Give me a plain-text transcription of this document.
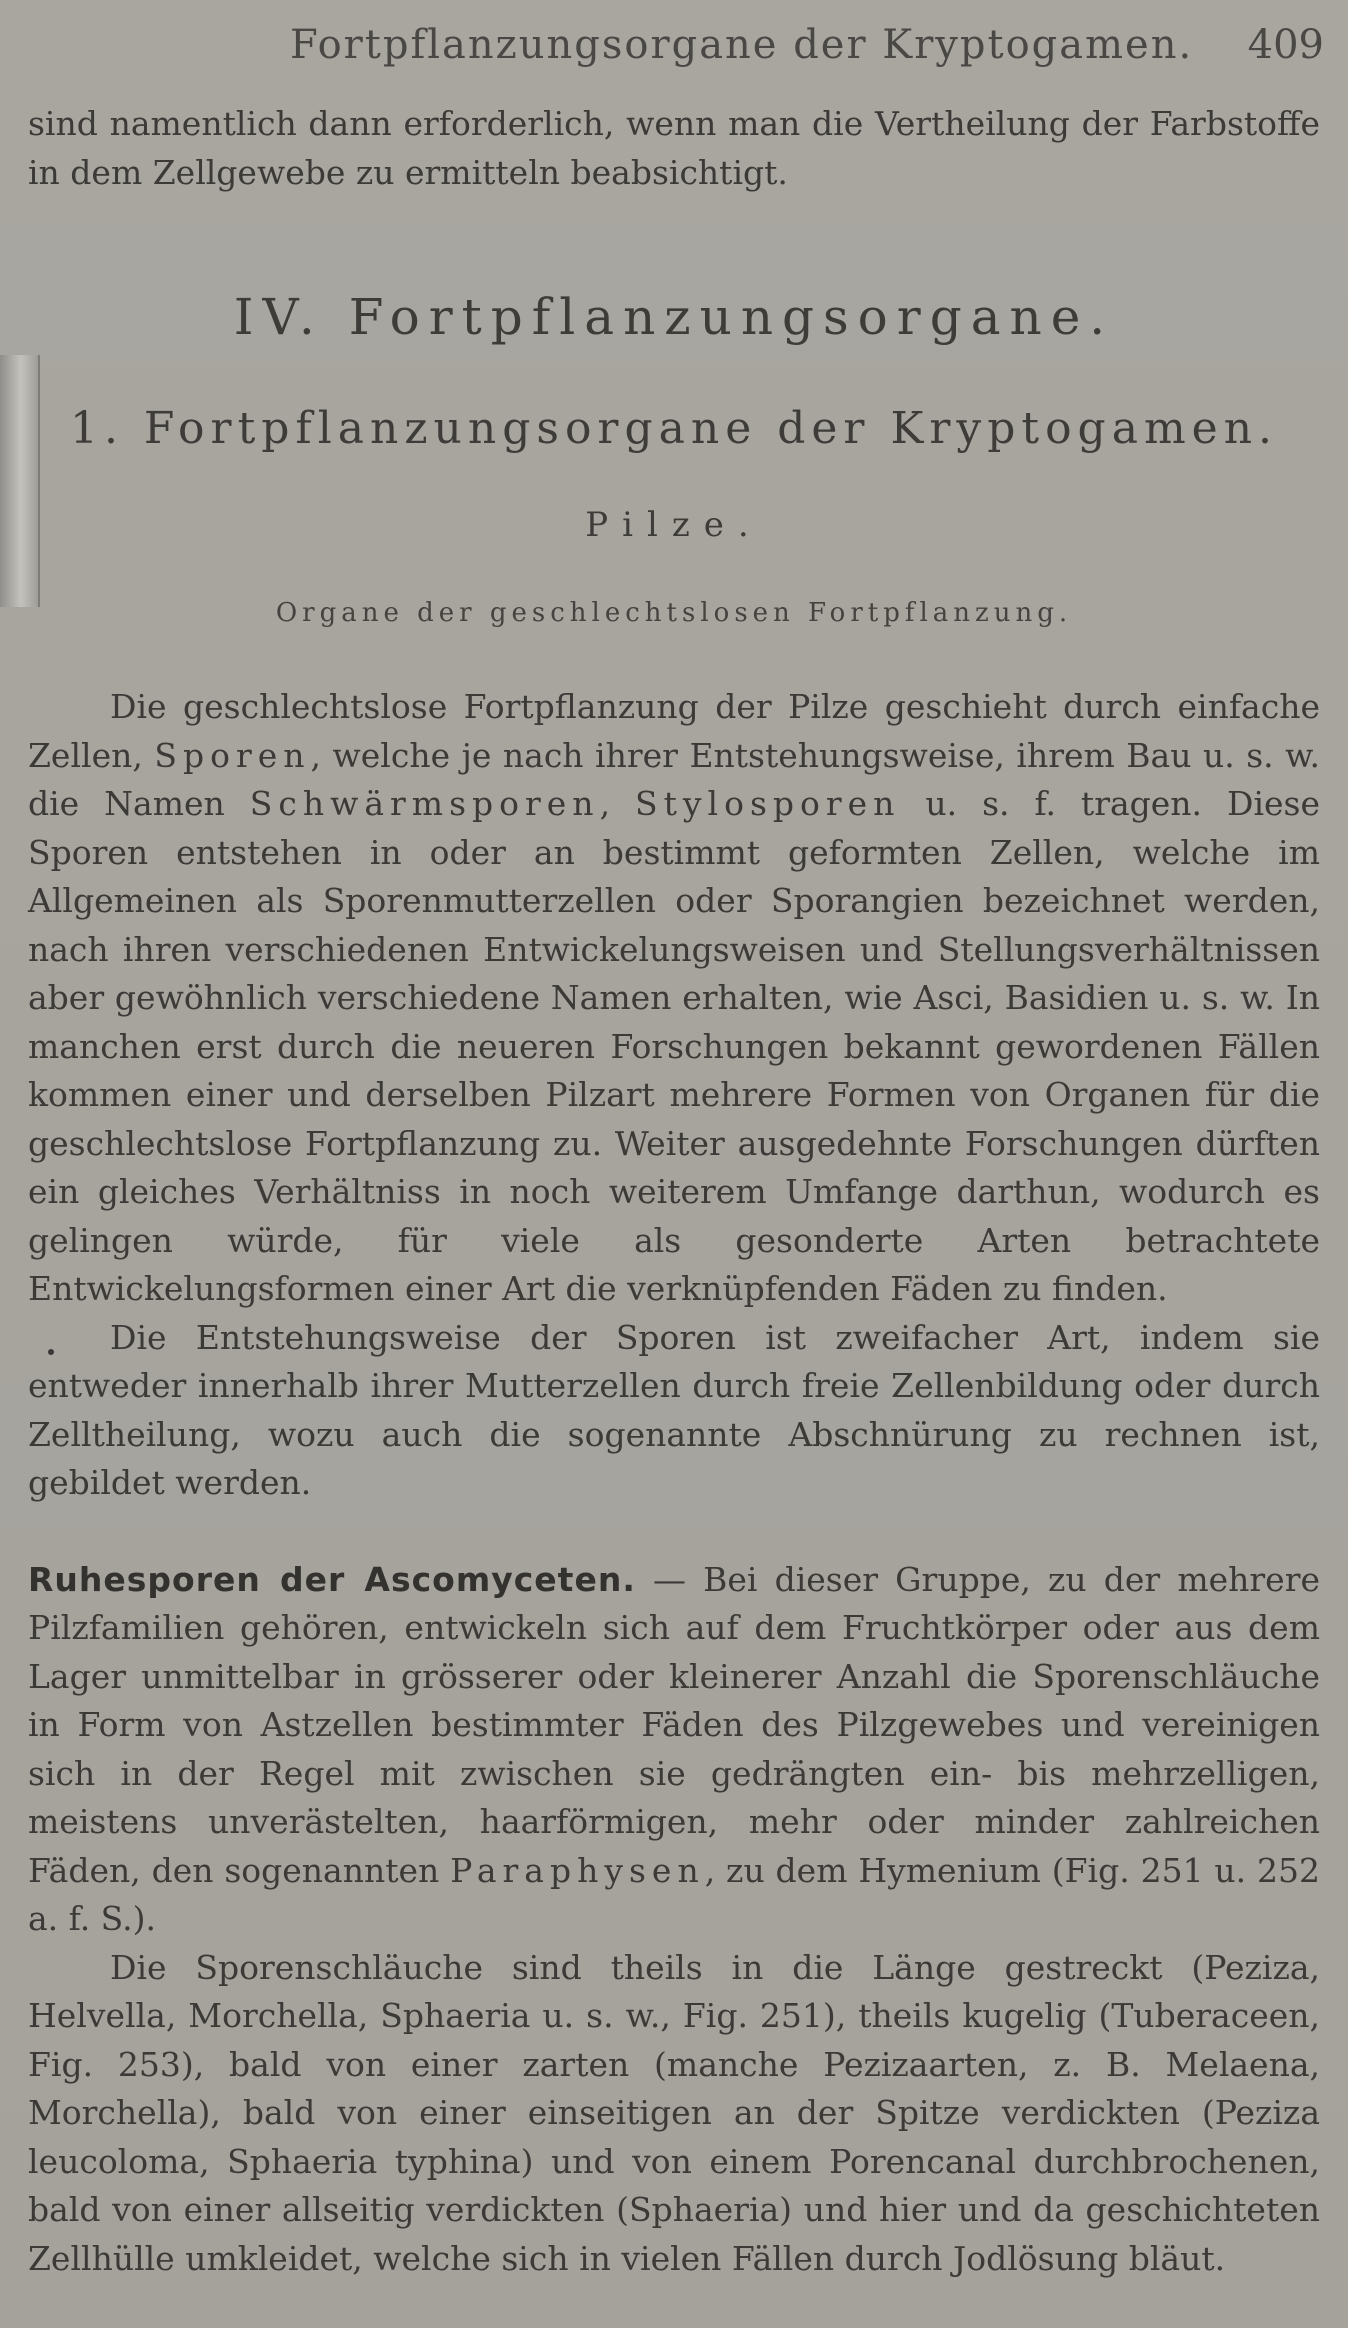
Fortpflanzungsorgane der Kryptogamen. 409

sind namentlich dann erforderlich, wenn man die Vertheilung der Farbstoffe in dem Zellgewebe zu ermitteln beabsichtigt.

IV. Fortpflanzungsorgane.
1. Fortpflanzungsorgane der Kryptogamen.
Pilze.
Organe der geschlechtslosen Fortpflanzung.

Die geschlechtslose Fortpflanzung der Pilze geschieht durch einfache Zellen, Sporen, welche je nach ihrer Entstehungsweise, ihrem Bau u. s. w. die Namen Schwärmsporen, Stylosporen u. s. f. tragen. Diese Sporen entstehen in oder an bestimmt geformten Zellen, welche im Allgemeinen als Sporenmutterzellen oder Sporangien bezeichnet werden, nach ihren verschiedenen Entwickelungsweisen und Stellungsverhältnissen aber gewöhnlich verschiedene Namen erhalten, wie Asci, Basidien u. s. w. In manchen erst durch die neueren Forschungen bekannt gewordenen Fällen kommen einer und derselben Pilzart mehrere Formen von Organen für die geschlechtslose Fortpflanzung zu. Weiter ausgedehnte Forschungen dürften ein gleiches Verhältniss in noch weiterem Umfange darthun, wodurch es gelingen würde, für viele als gesonderte Arten betrachtete Entwickelungsformen einer Art die verknüpfenden Fäden zu finden.

Die Entstehungsweise der Sporen ist zweifacher Art, indem sie entweder innerhalb ihrer Mutterzellen durch freie Zellenbildung oder durch Zelltheilung, wozu auch die sogenannte Abschnürung zu rechnen ist, gebildet werden.

Ruhesporen der Ascomyceten. — Bei dieser Gruppe, zu der mehrere Pilzfamilien gehören, entwickeln sich auf dem Fruchtkörper oder aus dem Lager unmittelbar in grösserer oder kleinerer Anzahl die Sporenschläuche in Form von Astzellen bestimmter Fäden des Pilzgewebes und vereinigen sich in der Regel mit zwischen sie gedrängten ein- bis mehrzelligen, meistens unverästelten, haarförmigen, mehr oder minder zahlreichen Fäden, den sogenannten Paraphysen, zu dem Hymenium (Fig. 251 u. 252 a. f. S.).

Die Sporenschläuche sind theils in die Länge gestreckt (Peziza, Helvella, Morchella, Sphaeria u. s. w., Fig. 251), theils kugelig (Tuberaceen, Fig. 253), bald von einer zarten (manche Pezizaarten, z. B. Melaena, Morchella), bald von einer einseitigen an der Spitze verdickten (Peziza leucoloma, Sphaeria typhina) und von einem Porencanal durchbrochenen, bald von einer allseitig verdickten (Sphaeria) und hier und da geschichteten Zellhülle umkleidet, welche sich in vielen Fällen durch Jodlösung bläut.
